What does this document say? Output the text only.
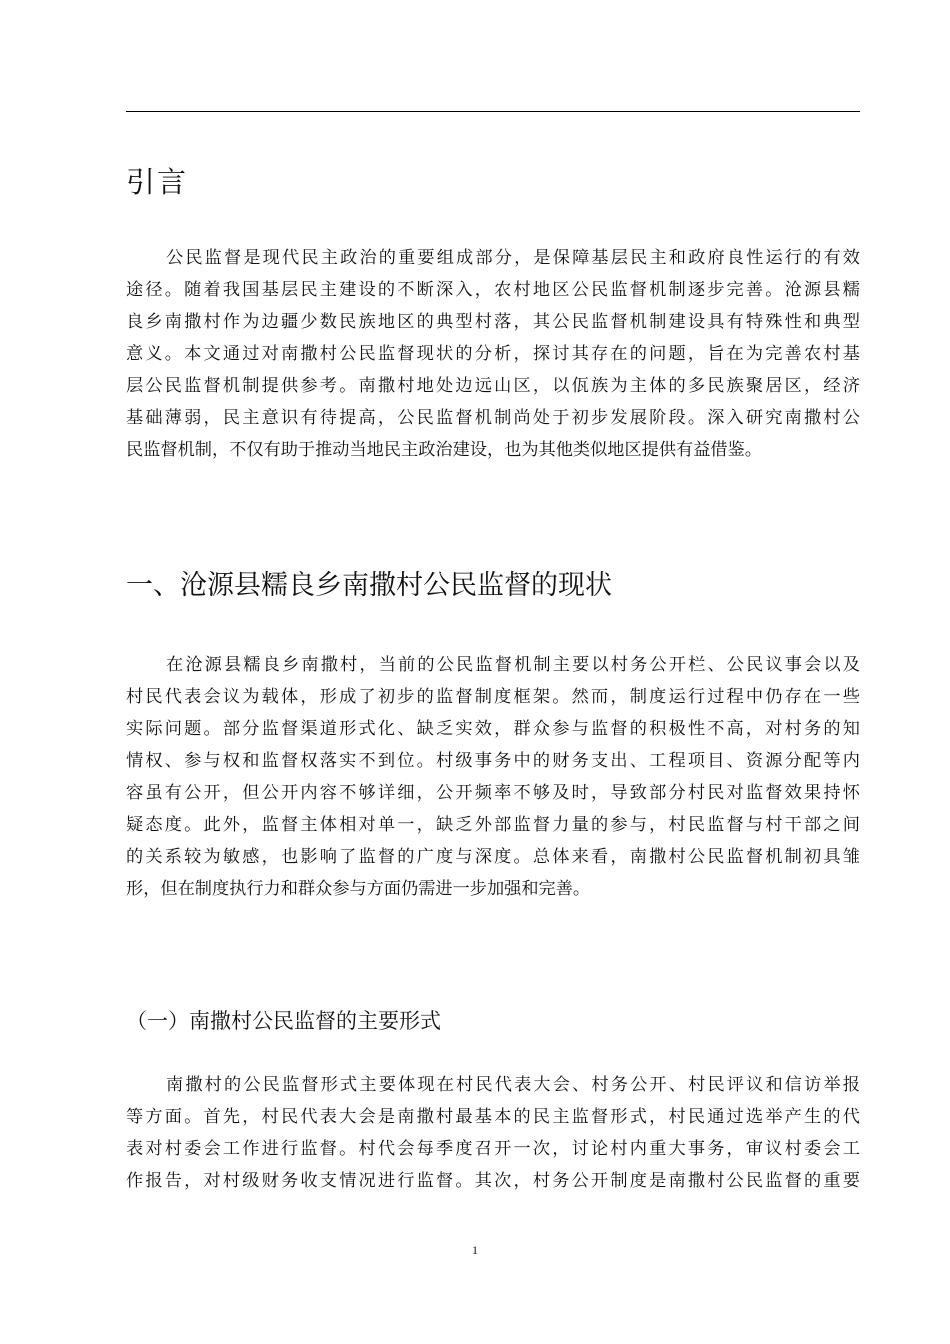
引言
公民监督是现代民主政治的重要组成部分，是保障基层民主和政府良性运行的有效
途径。随着我国基层民主建设的不断深入，农村地区公民监督机制逐步完善。沧源县糯
良乡南撒村作为边疆少数民族地区的典型村落，其公民监督机制建设具有特殊性和典型
意义。本文通过对南撒村公民监督现状的分析，探讨其存在的问题，旨在为完善农村基
层公民监督机制提供参考。南撒村地处边远山区，以佤族为主体的多民族聚居区，经济
基础薄弱，民主意识有待提高，公民监督机制尚处于初步发展阶段。深入研究南撒村公
民监督机制，不仅有助于推动当地民主政治建设，也为其他类似地区提供有益借鉴。
一、沧源县糯良乡南撒村公民监督的现状
在沧源县糯良乡南撒村，当前的公民监督机制主要以村务公开栏、公民议事会以及
村民代表会议为载体，形成了初步的监督制度框架。然而，制度运行过程中仍存在一些
实际问题。部分监督渠道形式化、缺乏实效，群众参与监督的积极性不高，对村务的知
情权、参与权和监督权落实不到位。村级事务中的财务支出、工程项目、资源分配等内
容虽有公开，但公开内容不够详细，公开频率不够及时，导致部分村民对监督效果持怀
疑态度。此外，监督主体相对单一，缺乏外部监督力量的参与，村民监督与村干部之间
的关系较为敏感，也影响了监督的广度与深度。总体来看，南撒村公民监督机制初具雏
形，但在制度执行力和群众参与方面仍需进一步加强和完善。
（一）南撒村公民监督的主要形式
南撒村的公民监督形式主要体现在村民代表大会、村务公开、村民评议和信访举报
等方面。首先，村民代表大会是南撒村最基本的民主监督形式，村民通过选举产生的代
表对村委会工作进行监督。村代会每季度召开一次，讨论村内重大事务，审议村委会工
作报告，对村级财务收支情况进行监督。其次，村务公开制度是南撒村公民监督的重要
1
